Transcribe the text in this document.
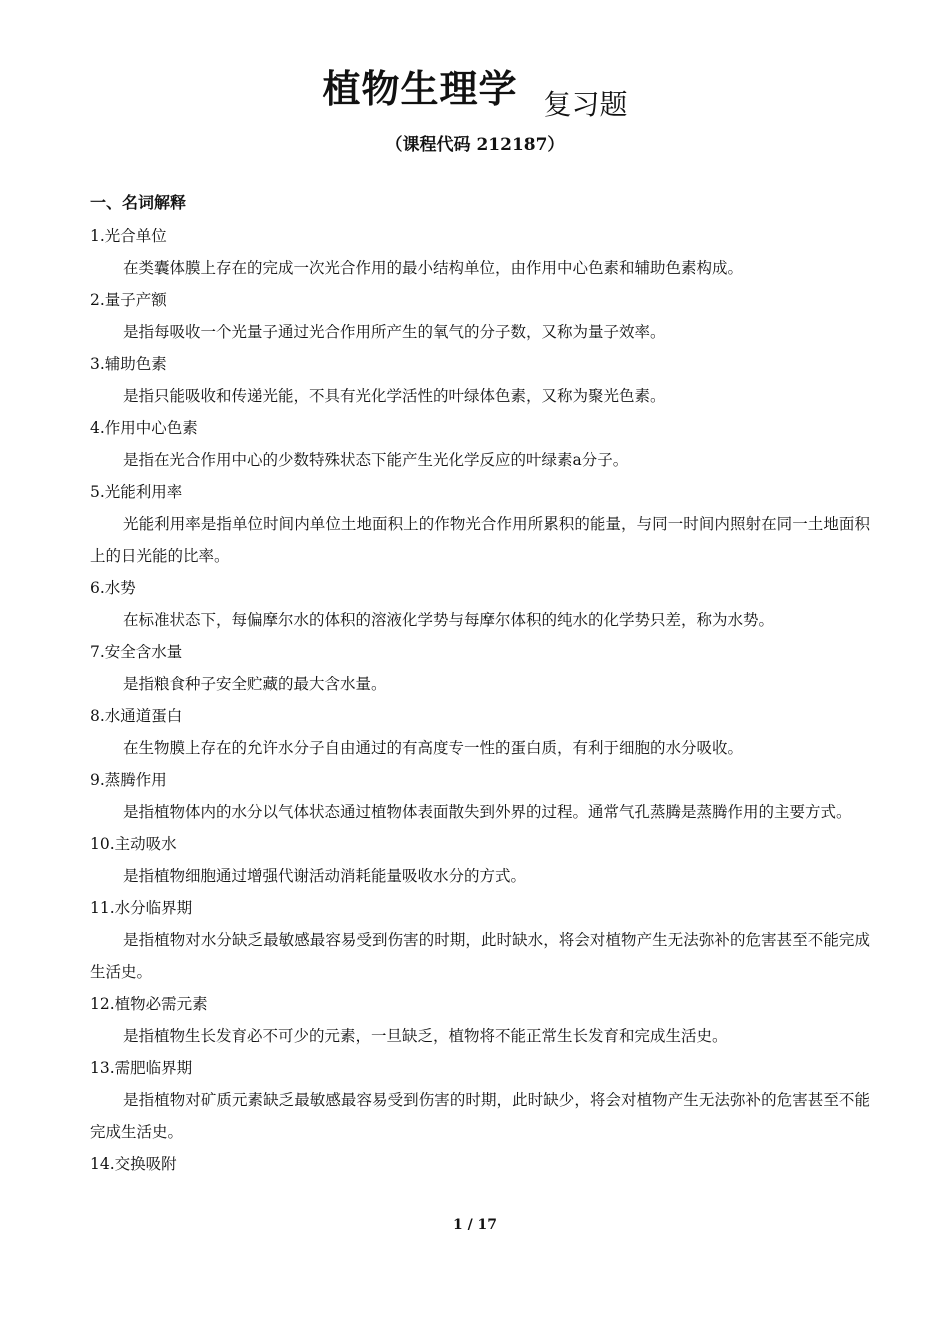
植物生理学 复习题
（课程代码 212187）
一、名词解释

1.光合单位

在类囊体膜上存在的完成一次光合作用的最小结构单位，由作用中心色素和辅助色素构成。

2.量子产额

是指每吸收一个光量子通过光合作用所产生的氧气的分子数，又称为量子效率。

3.辅助色素

是指只能吸收和传递光能，不具有光化学活性的叶绿体色素，又称为聚光色素。

4.作用中心色素

是指在光合作用中心的少数特殊状态下能产生光化学反应的叶绿素a分子。

5.光能利用率

光能利用率是指单位时间内单位土地面积上的作物光合作用所累积的能量，与同一时间内照射在同一土地面积上的日光能的比率。

6.水势

在标准状态下，每偏摩尔水的体积的溶液化学势与每摩尔体积的纯水的化学势只差，称为水势。

7.安全含水量

是指粮食种子安全贮藏的最大含水量。

8.水通道蛋白

在生物膜上存在的允许水分子自由通过的有高度专一性的蛋白质，有利于细胞的水分吸收。

9.蒸腾作用

是指植物体内的水分以气体状态通过植物体表面散失到外界的过程。通常气孔蒸腾是蒸腾作用的主要方式。

10.主动吸水

是指植物细胞通过增强代谢活动消耗能量吸收水分的方式。

11.水分临界期

是指植物对水分缺乏最敏感最容易受到伤害的时期，此时缺水，将会对植物产生无法弥补的危害甚至不能完成生活史。

12.植物必需元素

是指植物生长发育必不可少的元素，一旦缺乏，植物将不能正常生长发育和完成生活史。

13.需肥临界期

是指植物对矿质元素缺乏最敏感最容易受到伤害的时期，此时缺少，将会对植物产生无法弥补的危害甚至不能完成生活史。

14.交换吸附

1 / 17
